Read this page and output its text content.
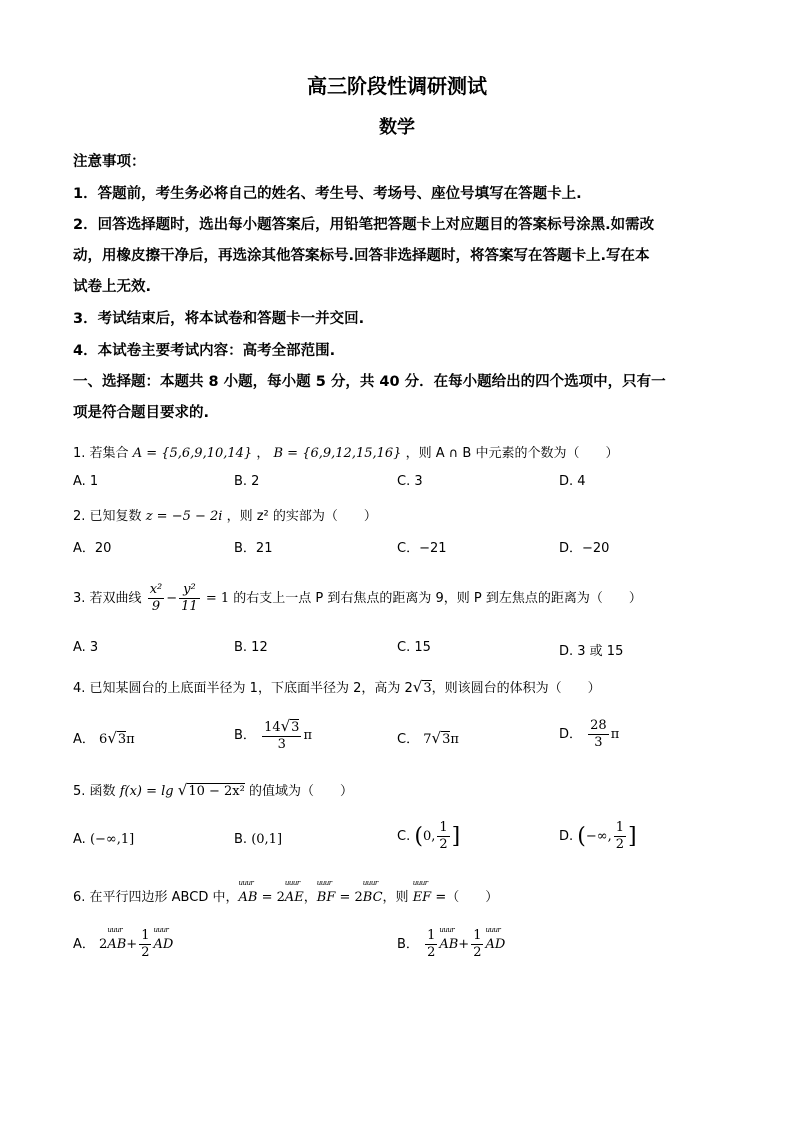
高三阶段性调研测试
数学
注意事项：
1．答题前，考生务必将自己的姓名、考生号、考场号、座位号填写在答题卡上.
2．回答选择题时，选出每小题答案后，用铅笔把答题卡上对应题目的答案标号涂黑.如需改
动，用橡皮擦干净后，再选涂其他答案标号.回答非选择题时，将答案写在答题卡上.写在本
试卷上无效.
3．考试结束后，将本试卷和答题卡一并交回.
4．本试卷主要考试内容：高考全部范围.
一、选择题：本题共 8 小题，每小题 5 分，共 40 分．在每小题给出的四个选项中，只有一
项是符合题目要求的.
1. 若集合 A = {5,6,9,10,14} ， B = {6,9,12,15,16} ，则 A ∩ B 中元素的个数为（　　）
A. 1	B. 2	C. 3	D. 4
2. 已知复数 z = −5 − 2i ，则 z² 的实部为（　　）
A．20	B．21	C．−21	D．−20
3. 若双曲线 $\frac{\text{x²}}{9} - \frac{\text{y²}}{11} = 1$ 的右支上一点 P 到右焦点的距离为 9，则 P 到左焦点的距离为（　　）
A. 3	B. 12	C. 15	D. 3 或 15
4. 已知某圆台的上底面半径为 1，下底面半径为 2，高为 2√3，则该圆台的体积为（　　）
A． 6√3π	B． $\frac{14√3}{3}$ π	C． 7√3π	D． $\frac{28}{3}$ π
5. 函数 f(x) = lg √10 − 2x² 的值域为（　　）
A. (−∞,1]	B. (0,1]	C. (0, $\frac{1}{2}$ ]	D. (−∞, $\frac{1}{2}$ ]
6. 在平行四边形 ABCD 中，uuur AB = 2uuur AE，uuur BF = 2uuur BC，则 uuur EF =（　　）
A． 2uuur $AB+ \frac{1}{2}$ uuur AD	B． $\frac{1}{2}$ uuur $AB+ \frac{1}{2}$ uuur AD
